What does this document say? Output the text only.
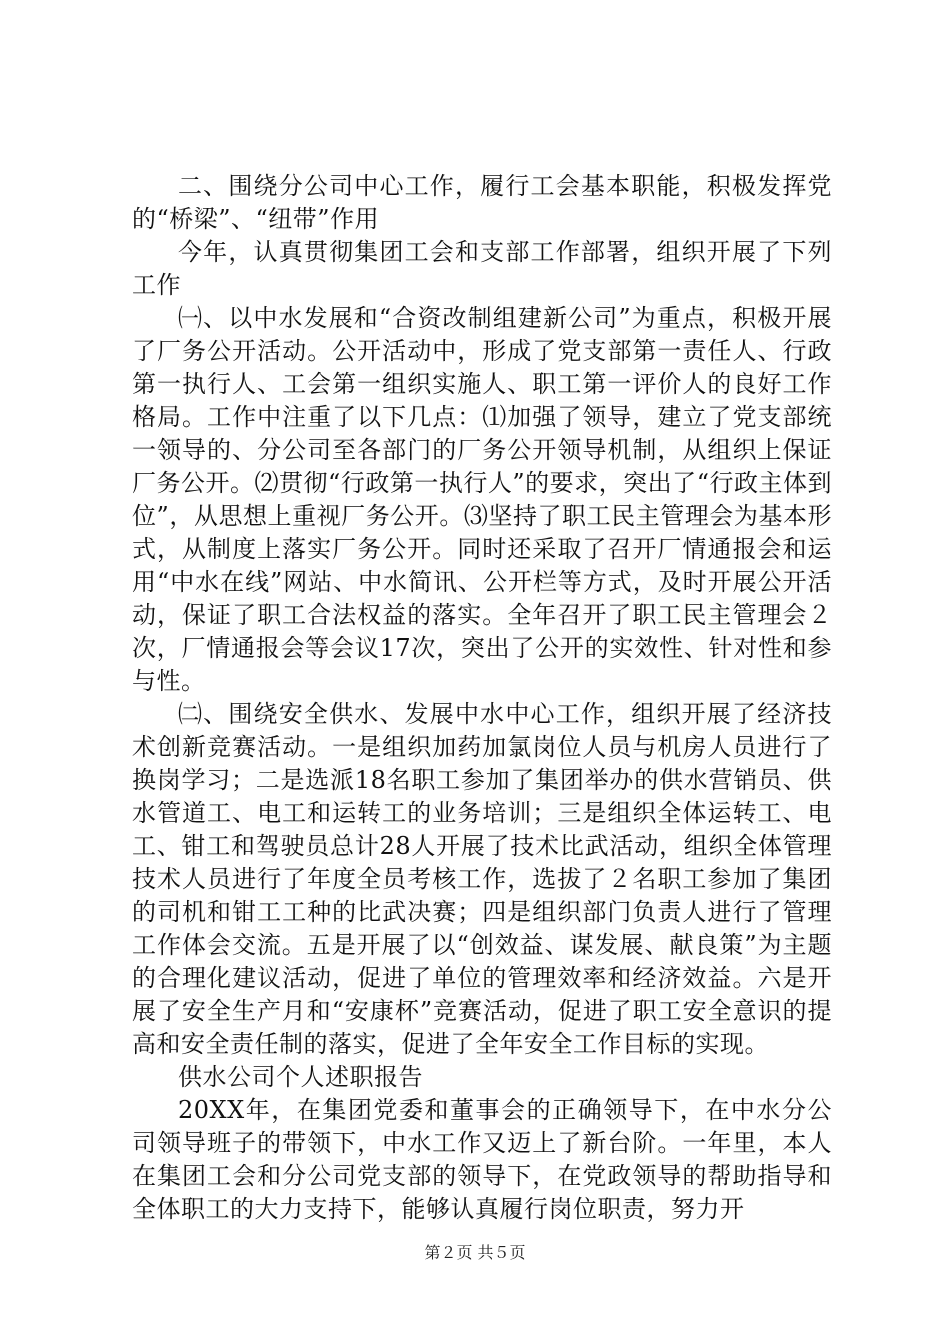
二、围绕分公司中心工作，履行工会基本职能，积极发挥党的“桥梁”、“纽带”作用

今年，认真贯彻集团工会和支部工作部署，组织开展了下列工作

㈠、以中水发展和“合资改制组建新公司”为重点，积极开展了厂务公开活动。公开活动中，形成了党支部第一责任人、行政第一执行人、工会第一组织实施人、职工第一评价人的良好工作格局。工作中注重了以下几点：⑴加强了领导，建立了党支部统一领导的、分公司至各部门的厂务公开领导机制，从组织上保证厂务公开。⑵贯彻“行政第一执行人”的要求，突出了“行政主体到位”，从思想上重视厂务公开。⑶坚持了职工民主管理会为基本形式，从制度上落实厂务公开。同时还采取了召开厂情通报会和运用“中水在线”网站、中水简讯、公开栏等方式，及时开展公开活动，保证了职工合法权益的落实。全年召开了职工民主管理会２次，厂情通报会等会议17次，突出了公开的实效性、针对性和参与性。

㈡、围绕安全供水、发展中水中心工作，组织开展了经济技术创新竞赛活动。一是组织加药加氯岗位人员与机房人员进行了换岗学习；二是选派18名职工参加了集团举办的供水营销员、供水管道工、电工和运转工的业务培训；三是组织全体运转工、电工、钳工和驾驶员总计28人开展了技术比武活动，组织全体管理技术人员进行了年度全员考核工作，选拔了２名职工参加了集团的司机和钳工工种的比武决赛；四是组织部门负责人进行了管理工作体会交流。五是开展了以“创效益、谋发展、献良策”为主题的合理化建议活动，促进了单位的管理效率和经济效益。六是开展了安全生产月和“安康杯”竞赛活动，促进了职工安全意识的提高和安全责任制的落实，促进了全年安全工作目标的实现。

供水公司个人述职报告

20XX年，在集团党委和董事会的正确领导下，在中水分公司领导班子的带领下，中水工作又迈上了新台阶。一年里，本人在集团工会和分公司党支部的领导下，在党政领导的帮助指导和全体职工的大力支持下，能够认真履行岗位职责，努力开

第２页 共５页
